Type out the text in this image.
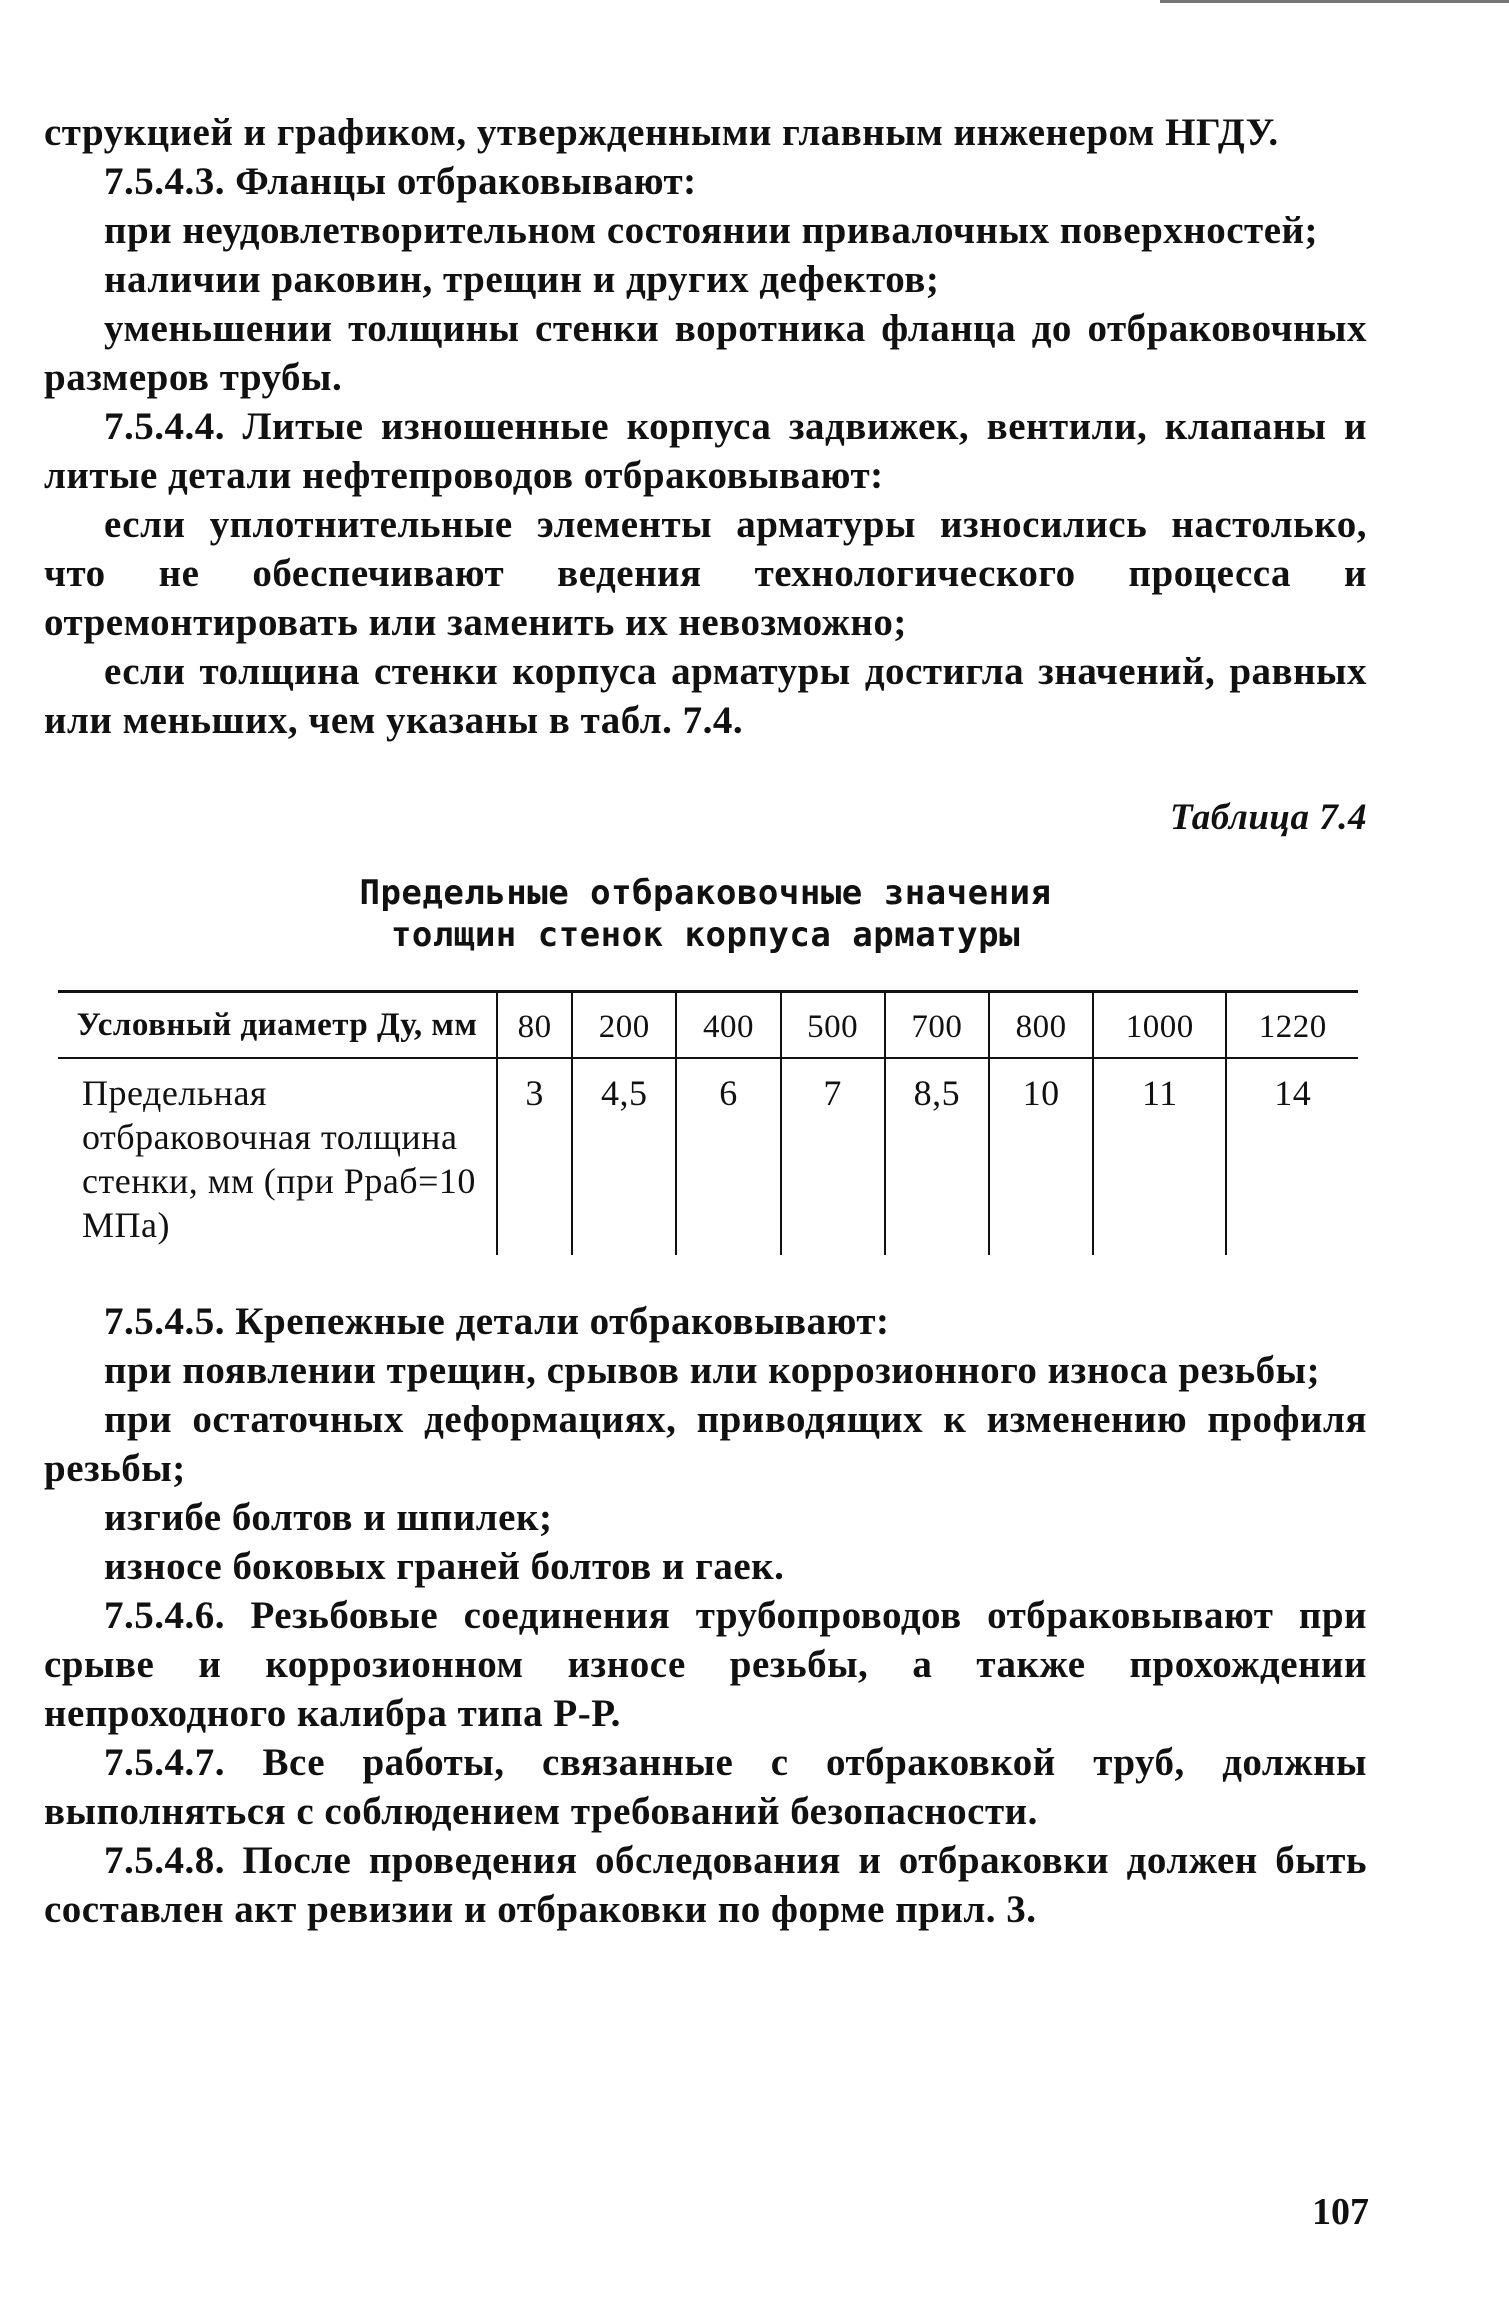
струкцией и графиком, утвержденными главным инженером НГДУ.

7.5.4.3. Фланцы отбраковывают:

при неудовлетворительном состоянии привалочных поверхностей;

наличии раковин, трещин и других дефектов;

уменьшении толщины стенки воротника фланца до отбраковочных размеров трубы.

7.5.4.4. Литые изношенные корпуса задвижек, вентили, клапаны и литые детали нефтепроводов отбраковывают:

если уплотнительные элементы арматуры износились настолько, что не обеспечивают ведения технологического процесса и отремонтировать или заменить их невозможно;

если толщина стенки корпуса арматуры достигла значений, равных или меньших, чем указаны в табл. 7.4.

Таблица 7.4
Предельные отбраковочные значения
толщин стенок корпуса арматуры
Условный диаметр Ду, мм	80	200	400	500	700	800	1000	1220
Предельная отбраковочная толщина стенки, мм (при Pраб=10 МПа)	3	4,5	6	7	8,5	10	11	14

7.5.4.5. Крепежные детали отбраковывают:

при появлении трещин, срывов или коррозионного износа резьбы;

при остаточных деформациях, приводящих к изменению профиля резьбы;

изгибе болтов и шпилек;

износе боковых граней болтов и гаек.

7.5.4.6. Резьбовые соединения трубопроводов отбраковывают при срыве и коррозионном износе резьбы, а также прохождении непроходного калибра типа Р-Р.

7.5.4.7. Все работы, связанные с отбраковкой труб, должны выполняться с соблюдением требований безопасности.

7.5.4.8. После проведения обследования и отбраковки должен быть составлен акт ревизии и отбраковки по форме прил. 3.

107
